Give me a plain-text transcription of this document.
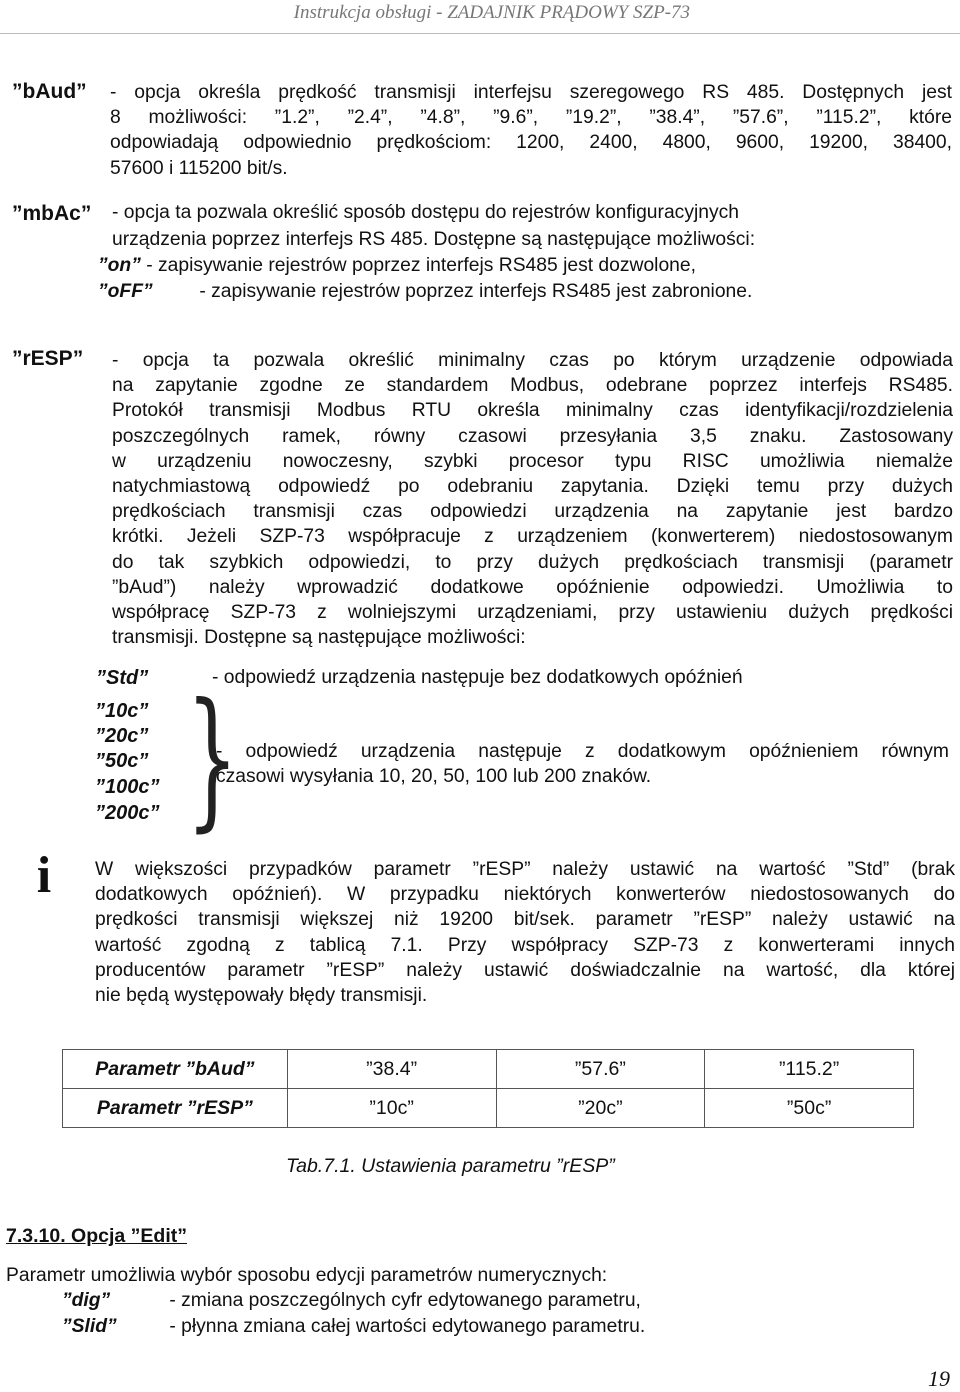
Instrukcja obsługi - ZADAJNIK PRĄDOWY SZP-73
”bAud” - opcja określa prędkość transmisji interfejsu szeregowego RS 485. Dostępnych jest

8 możliwości: ”1.2”, ”2.4”, ”4.8”, ”9.6”, ”19.2”, ”38.4”, ”57.6”, ”115.2”, które

odpowiadają odpowiednio prędkościom: 1200, 2400, 4800, 9600, 19200, 38400,

57600 i 115200 bit/s.

”mbAc” - opcja ta pozwala określić sposób dostępu do rejestrów konfiguracyjnych
urządzenia poprzez interfejs RS 485. Dostępne są następujące możliwości:
”on” - zapisywanie rejestrów poprzez interfejs RS485 jest dozwolone,
”oFF” - zapisywanie rejestrów poprzez interfejs RS485 jest zabronione.
”rESP” - opcja ta pozwala określić minimalny czas po którym urządzenie odpowiada

na zapytanie zgodne ze standardem Modbus, odebrane poprzez interfejs RS485.

Protokół transmisji Modbus RTU określa minimalny czas identyfikacji/rozdzielenia

poszczególnych ramek, równy czasowi przesyłania 3,5 znaku. Zastosowany

w urządzeniu nowoczesny, szybki procesor typu RISC umożliwia niemalże

natychmiastową odpowiedź po odebraniu zapytania. Dzięki temu przy dużych

prędkościach transmisji czas odpowiedzi urządzenia na zapytanie jest bardzo

krótki. Jeżeli SZP-73 współpracuje z urządzeniem (konwerterem) niedostosowanym

do tak szybkich odpowiedzi, to przy dużych prędkościach transmisji (parametr

”bAud”) należy wprowadzić dodatkowe opóźnienie odpowiedzi. Umożliwia to

współpracę SZP-73 z wolniejszymi urządzeniami, przy ustawieniu dużych prędkości

transmisji. Dostępne są następujące możliwości:

”Std”	- odpowiedź urządzenia następuje bez dodatkowych opóźnień
”10c”
”20c”
”50c”
”100c”
”200c” }

- odpowiedź urządzenia następuje z dodatkowym opóźnieniem równym

czasowi wysyłania 10, 20, 50, 100 lub 200 znaków.

i W większości przypadków parametr ”rESP” należy ustawić na wartość ”Std” (brak

dodatkowych opóźnień). W przypadku niektórych konwerterów niedostosowanych do

prędkości transmisji większej niż 19200 bit/sek. parametr ”rESP” należy ustawić na

wartość zgodną z tablicą 7.1. Przy współpracy SZP-73 z konwerterami innych

producentów parametr ”rESP” należy ustawić doświadczalnie na wartość, dla której

nie będą występowały błędy transmisji.

Parametr ”bAud”	”38.4”	”57.6”	”115.2”
Parametr ”rESP”	”10c”	”20c”	”50c”
Tab.7.1. Ustawienia parametru ”rESP”
7.3.10. Opcja ”Edit”
Parametr umożliwia wybór sposobu edycji parametrów numerycznych:
”dig”	- zmiana poszczególnych cyfr edytowanego parametru,
”Slid”	- płynna zmiana całej wartości edytowanego parametru.
19
